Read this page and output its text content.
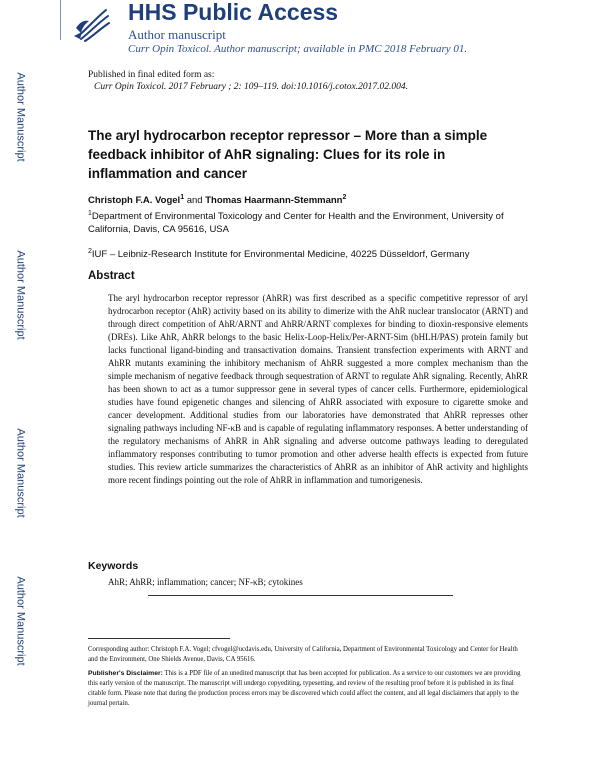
Author Manuscript
Author Manuscript
Author Manuscript
Author Manuscript
HHS Public Access
Author manuscript
Curr Opin Toxicol. Author manuscript; available in PMC 2018 February 01.
Published in final edited form as:
Curr Opin Toxicol. 2017 February ; 2: 109–119. doi:10.1016/j.cotox.2017.02.004.
The aryl hydrocarbon receptor repressor – More than a simple feedback inhibitor of AhR signaling: Clues for its role in inflammation and cancer
Christoph F.A. Vogel$^1$ and Thomas Haarmann-Stemmann$^2$
$^1$Department of Environmental Toxicology and Center for Health and the Environment, University of California, Davis, CA 95616, USA
$^2$IUF – Leibniz-Research Institute for Environmental Medicine, 40225 Düsseldorf, Germany
Abstract
The aryl hydrocarbon receptor repressor (AhRR) was first described as a specific competitive repressor of aryl hydrocarbon receptor (AhR) activity based on its ability to dimerize with the AhR nuclear translocator (ARNT) and through direct competition of AhR/ARNT and AhRR/ARNT complexes for binding to dioxin-responsive elements (DREs). Like AhR, AhRR belongs to the basic Helix-Loop-Helix/Per-ARNT-Sim (bHLH/PAS) protein family but lacks functional ligand-binding and transactivation domains. Transient transfection experiments with ARNT and AhRR mutants examining the inhibitory mechanism of AhRR suggested a more complex mechanism than the simple mechanism of negative feedback through sequestration of ARNT to regulate AhR signaling. Recently, AhRR has been shown to act as a tumor suppressor gene in several types of cancer cells. Furthermore, epidemiological studies have found epigenetic changes and silencing of AhRR associated with exposure to cigarette smoke and cancer development. Additional studies from our laboratories have demonstrated that AhRR represses other signaling pathways including NF-κB and is capable of regulating inflammatory responses. A better understanding of the regulatory mechanisms of AhRR in AhR signaling and adverse outcome pathways leading to deregulated inflammatory responses contributing to tumor promotion and other adverse health effects is expected from future studies. This review article summarizes the characteristics of AhRR as an inhibitor of AhR activity and highlights more recent findings pointing out the role of AhRR in inflammation and tumorigenesis.
Keywords
AhR; AhRR; inflammation; cancer; NF-κB; cytokines
Corresponding author: Christoph F.A. Vogel; cfvogel@ucdavis.edu, University of California, Department of Environmental Toxicology and Center for Health and the Environment, One Shields Avenue, Davis, CA 95616.
Publisher's Disclaimer: This is a PDF file of an unedited manuscript that has been accepted for publication. As a service to our customers we are providing this early version of the manuscript. The manuscript will undergo copyediting, typesetting, and review of the resulting proof before it is published in its final citable form. Please note that during the production process errors may be discovered which could affect the content, and all legal disclaimers that apply to the journal pertain.
